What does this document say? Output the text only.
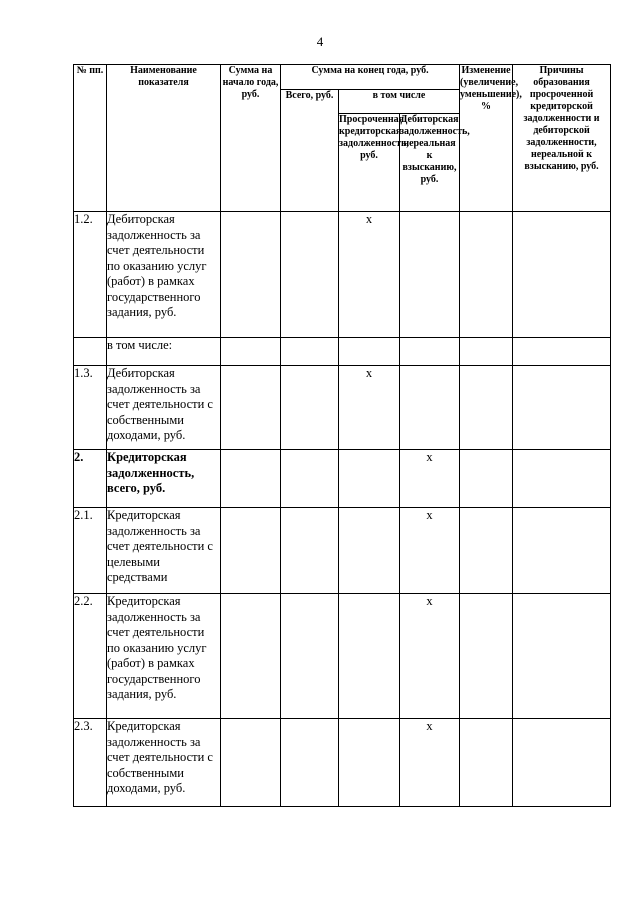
4
№ пп.	Наименование показателя	Сумма на начало года, руб.	Сумма на конец года, руб.			Изменение (увеличение, уменьшение), %	Причины образования просроченной кредиторской задолженности и дебиторской задолженности, нереальной к взысканию, руб.
			Всего, руб.	в том числе			
				Просроченная кредиторская задолженность, руб.	Дебиторская задолженность, нереальная к взысканию, руб.		
1.2.	Дебиторская задолженность за счет деятельности по оказанию услуг (работ) в рамках государственного задания, руб.			x			
	в том числе:						
1.3.	Дебиторская задолженность за счет деятельности с собственными доходами, руб.			x			
2.	Кредиторская задолженность, всего, руб.				x		
2.1.	Кредиторская задолженность за счет деятельности с целевыми средствами				x		
2.2.	Кредиторская задолженность за счет деятельности по оказанию услуг (работ) в рамках государственного задания, руб.				x		
2.3.	Кредиторская задолженность за счет деятельности с собственными доходами, руб.				x		
